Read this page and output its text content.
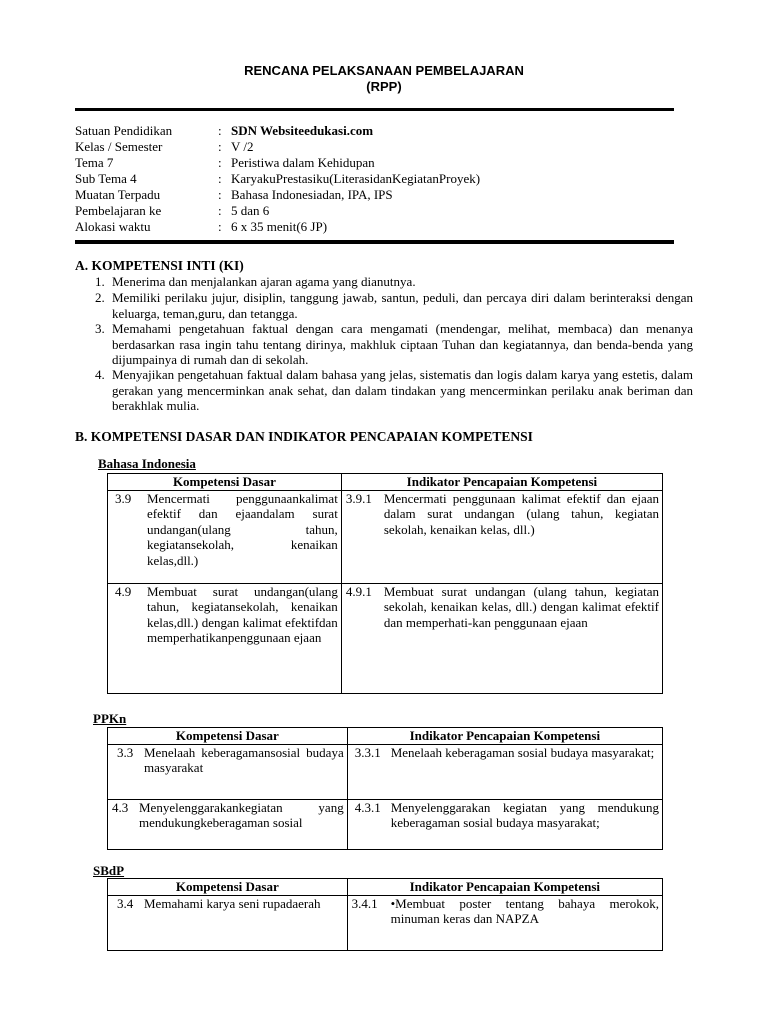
RENCANA PELAKSANAAN PEMBELAJARAN
(RPP)
Satuan Pendidikan	: SDN Websiteedukasi.com
Kelas / Semester	: V /2
Tema 7	: Peristiwa dalam Kehidupan
Sub Tema 4	: KaryakuPrestasiku(LiterasidanKegiatanProyek)
Muatan Terpadu	: Bahasa Indonesiadan, IPA, IPS
Pembelajaran ke	: 5 dan 6
Alokasi waktu	: 6 x 35 menit(6 JP)
A. KOMPETENSI INTI (KI)
1. Menerima dan menjalankan ajaran agama yang dianutnya.
2. Memiliki perilaku jujur, disiplin, tanggung jawab, santun, peduli, dan percaya diri dalam berinteraksi dengan keluarga, teman,guru, dan tetangga.
3. Memahami pengetahuan faktual dengan cara mengamati (mendengar, melihat, membaca) dan menanya berdasarkan rasa ingin tahu tentang dirinya, makhluk ciptaan Tuhan dan kegiatannya, dan benda-benda yang dijumpainya di rumah dan di sekolah.
4. Menyajikan pengetahuan faktual dalam bahasa yang jelas, sistematis dan logis dalam karya yang estetis, dalam gerakan yang mencerminkan anak sehat, dan dalam tindakan yang mencerminkan perilaku anak beriman dan berakhlak mulia.
B. KOMPETENSI DASAR DAN INDIKATOR PENCAPAIAN KOMPETENSI
Bahasa Indonesia
Kompetensi Dasar	Indikator Pencapaian Kompetensi

3.9 Mencermati penggunaankalimat efektif dan ejaandalam surat undangan(ulang tahun, kegiatansekolah, kenaikan kelas,dll.)	3.9.1 Mencermati penggunaan kalimat efektif dan ejaan dalam surat undangan (ulang tahun, kegiatan sekolah, kenaikan kelas, dll.)

4.9 Membuat surat undangan(ulang tahun, kegiatansekolah, kenaikan kelas,dll.) dengan kalimat efektifdan memperhatikanpenggunaan ejaan	4.9.1 Membuat surat undangan (ulang tahun, kegiatan sekolah, kenaikan kelas, dll.) dengan kalimat efektif dan memperhati-kan penggunaan ejaan
PPKn
Kompetensi Dasar	Indikator Pencapaian Kompetensi

3.3 Menelaah keberagamansosial budaya masyarakat	3.3.1 Menelaah keberagaman sosial budaya masyarakat;

4.3 Menyelenggarakankegiatan yang mendukungkeberagaman sosial	4.3.1 Menyelenggarakan kegiatan yang mendukung keberagaman sosial budaya masyarakat;
SBdP
Kompetensi Dasar	Indikator Pencapaian Kompetensi

3.4 Memahami karya seni rupadaerah	3.4.1 •Membuat poster tentang bahaya merokok, minuman keras dan NAPZA
